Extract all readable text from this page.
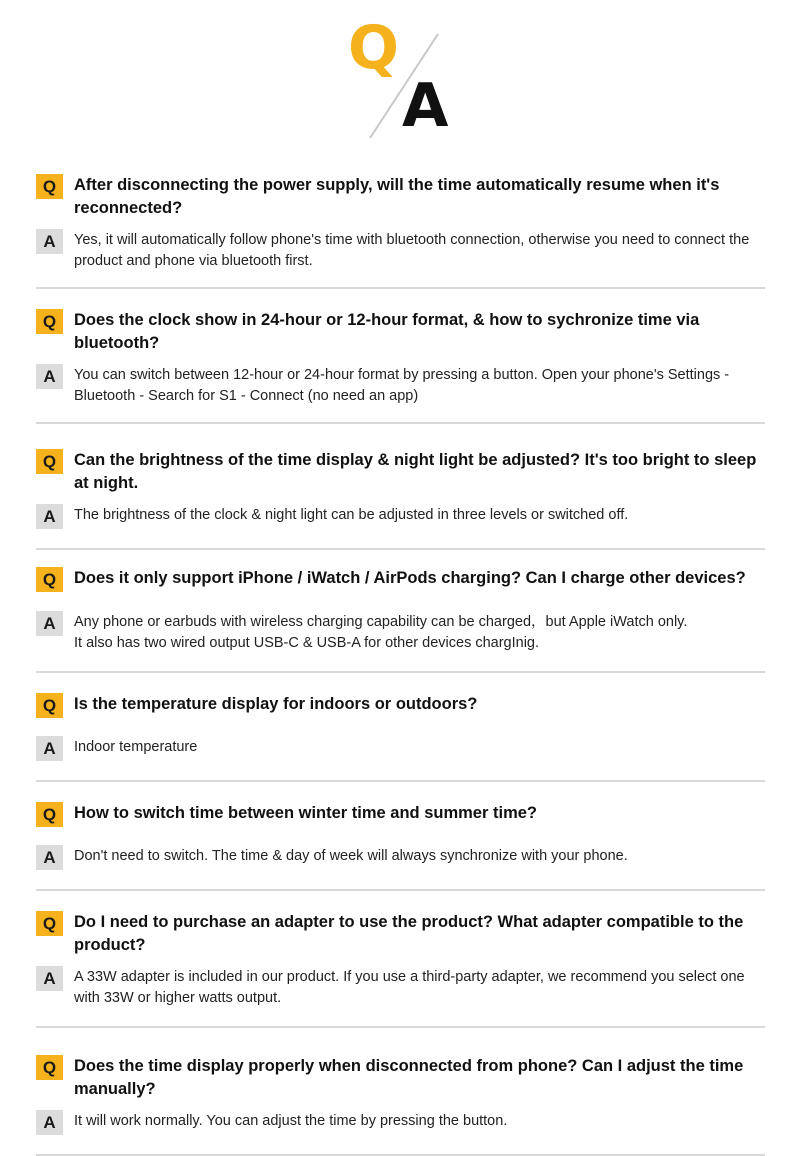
Q
A
Q	After disconnecting the power supply, will the time automatically resume when it's reconnected?
A	Yes, it will automatically follow phone's time with bluetooth connection, otherwise you need to connect the product and phone via bluetooth first.
Q	Does the clock show in 24-hour or 12-hour format, & how to sychronize time via bluetooth?
A	You can switch between 12-hour or 24-hour format by pressing a button. Open your phone's Settings - Bluetooth - Search for S1 - Connect (no need an app)
Q	Can the brightness of the time display & night light be adjusted? It's too bright to sleep at night.
A	The brightness of the clock & night light can be adjusted in three levels or switched off.
Q	Does it only support iPhone / iWatch / AirPods charging? Can I charge other devices?
A	Any phone or earbuds with wireless charging capability can be charged，but Apple iWatch only.
It also has two wired output USB-C & USB-A for other devices chargInig.
Q	Is the temperature display for indoors or outdoors?
A	Indoor temperature
Q	How to switch time between winter time and summer time?
A	Don't need to switch. The time & day of week will always synchronize with your phone.
Q	Do I need to purchase an adapter to use the product? What adapter compatible to the product?
A	A 33W adapter is included in our product. If you use a third-party adapter, we recommend you select one with 33W or higher watts output.
Q	Does the time display properly when disconnected from phone? Can I adjust the time manually?
A	It will work normally. You can adjust the time by pressing the button.
